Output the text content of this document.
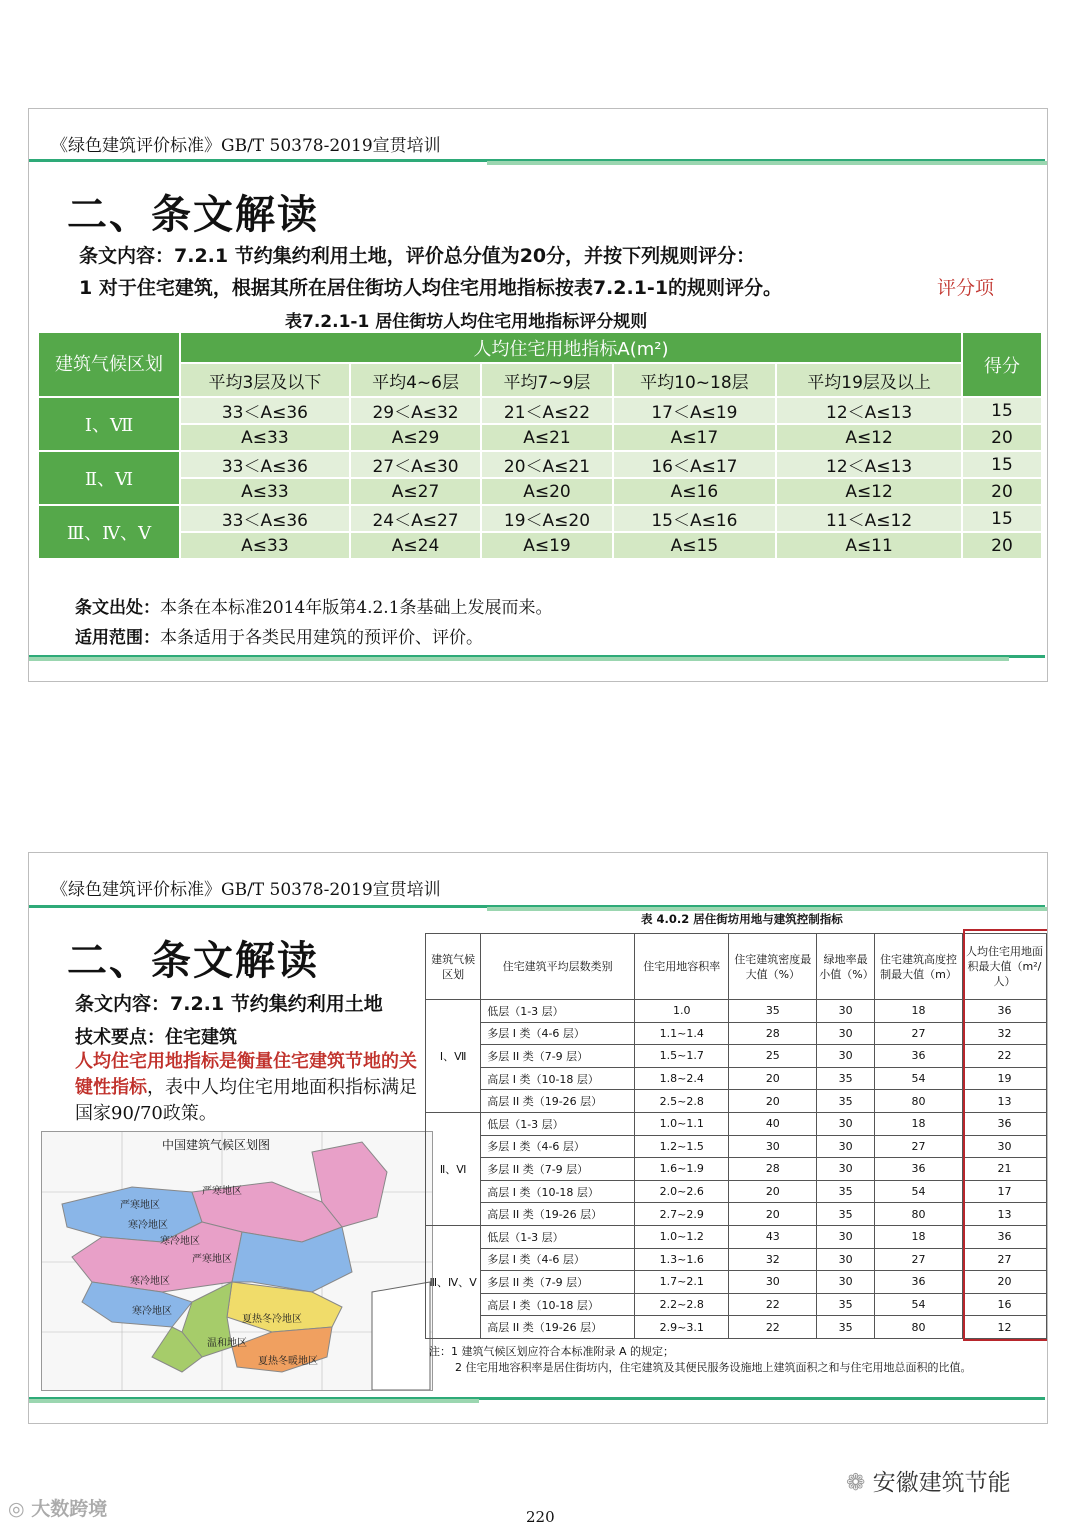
《绿色建筑评价标准》GB/T 50378-2019宣贯培训
二、条文解读
条文内容：7.2.1 节约集约利用土地，评价总分值为20分，并按下列规则评分：
1 对于住宅建筑，根据其所在居住街坊人均住宅用地指标按表7.2.1-1的规则评分。	评分项
表7.2.1-1 居住街坊人均住宅用地指标评分规则
建筑气候区划	人均住宅用地指标A(m²)					得分
	平均3层及以下	平均4~6层	平均7~9层	平均10~18层	平均19层及以上	
Ⅰ、Ⅶ	33＜A≤36	29＜A≤32	21＜A≤22	17＜A≤19	12＜A≤13	15
	A≤33	A≤29	A≤21	A≤17	A≤12	20
Ⅱ、Ⅵ	33＜A≤36	27＜A≤30	20＜A≤21	16＜A≤17	12＜A≤13	15
	A≤33	A≤27	A≤20	A≤16	A≤12	20
Ⅲ、Ⅳ、Ⅴ	33＜A≤36	24＜A≤27	19＜A≤20	15＜A≤16	11＜A≤12	15
	A≤33	A≤24	A≤19	A≤15	A≤11	20
条文出处：本条在本标准2014年版第4.2.1条基础上发展而来。
适用范围：本条适用于各类民用建筑的预评价、评价。
《绿色建筑评价标准》GB/T 50378-2019宣贯培训
二、条文解读
条文内容：7.2.1 节约集约利用土地
技术要点：住宅建筑
人均住宅用地指标是衡量住宅建筑节地的关键性指标，表中人均住宅用地面积指标满足国家90/70政策。
中国建筑气候区划图
严寒地区
严寒地区
寒冷地区
寒冷地区
严寒地区
寒冷地区
寒冷地区
夏热冬冷地区
温和地区
夏热冬暖地区
表 4.0.2 居住街坊用地与建筑控制指标
建筑气候区划	住宅建筑平均层数类别	住宅用地容积率	住宅建筑密度最大值（%）	绿地率最小值（%）	住宅建筑高度控制最大值（m）	人均住宅用地面积最大值（m²/人）
Ⅰ、Ⅶ	低层（1-3 层）	1.0	35	30	18	36
	多层 I 类（4-6 层）	1.1~1.4	28	30	27	32
	多层 II 类（7-9 层）	1.5~1.7	25	30	36	22
	高层 I 类（10-18 层）	1.8~2.4	20	35	54	19
	高层 II 类（19-26 层）	2.5~2.8	20	35	80	13
Ⅱ、Ⅵ	低层（1-3 层）	1.0~1.1	40	30	18	36
	多层 I 类（4-6 层）	1.2~1.5	30	30	27	30
	多层 II 类（7-9 层）	1.6~1.9	28	30	36	21
	高层 I 类（10-18 层）	2.0~2.6	20	35	54	17
	高层 II 类（19-26 层）	2.7~2.9	20	35	80	13
Ⅲ、Ⅳ、Ⅴ	低层（1-3 层）	1.0~1.2	43	30	18	36
	多层 I 类（4-6 层）	1.3~1.6	32	30	27	27
	多层 II 类（7-9 层）	1.7~2.1	30	30	36	20
	高层 I 类（10-18 层）	2.2~2.8	22	35	54	16
	高层 II 类（19-26 层）	2.9~3.1	22	35	80	12
注：1 建筑气候区划应符合本标准附录 A 的规定；
2 住宅用地容积率是居住街坊内，住宅建筑及其便民服务设施地上建筑面积之和与住宅用地总面积的比值。
❁ 安徽建筑节能
◎ 大数跨境	220
